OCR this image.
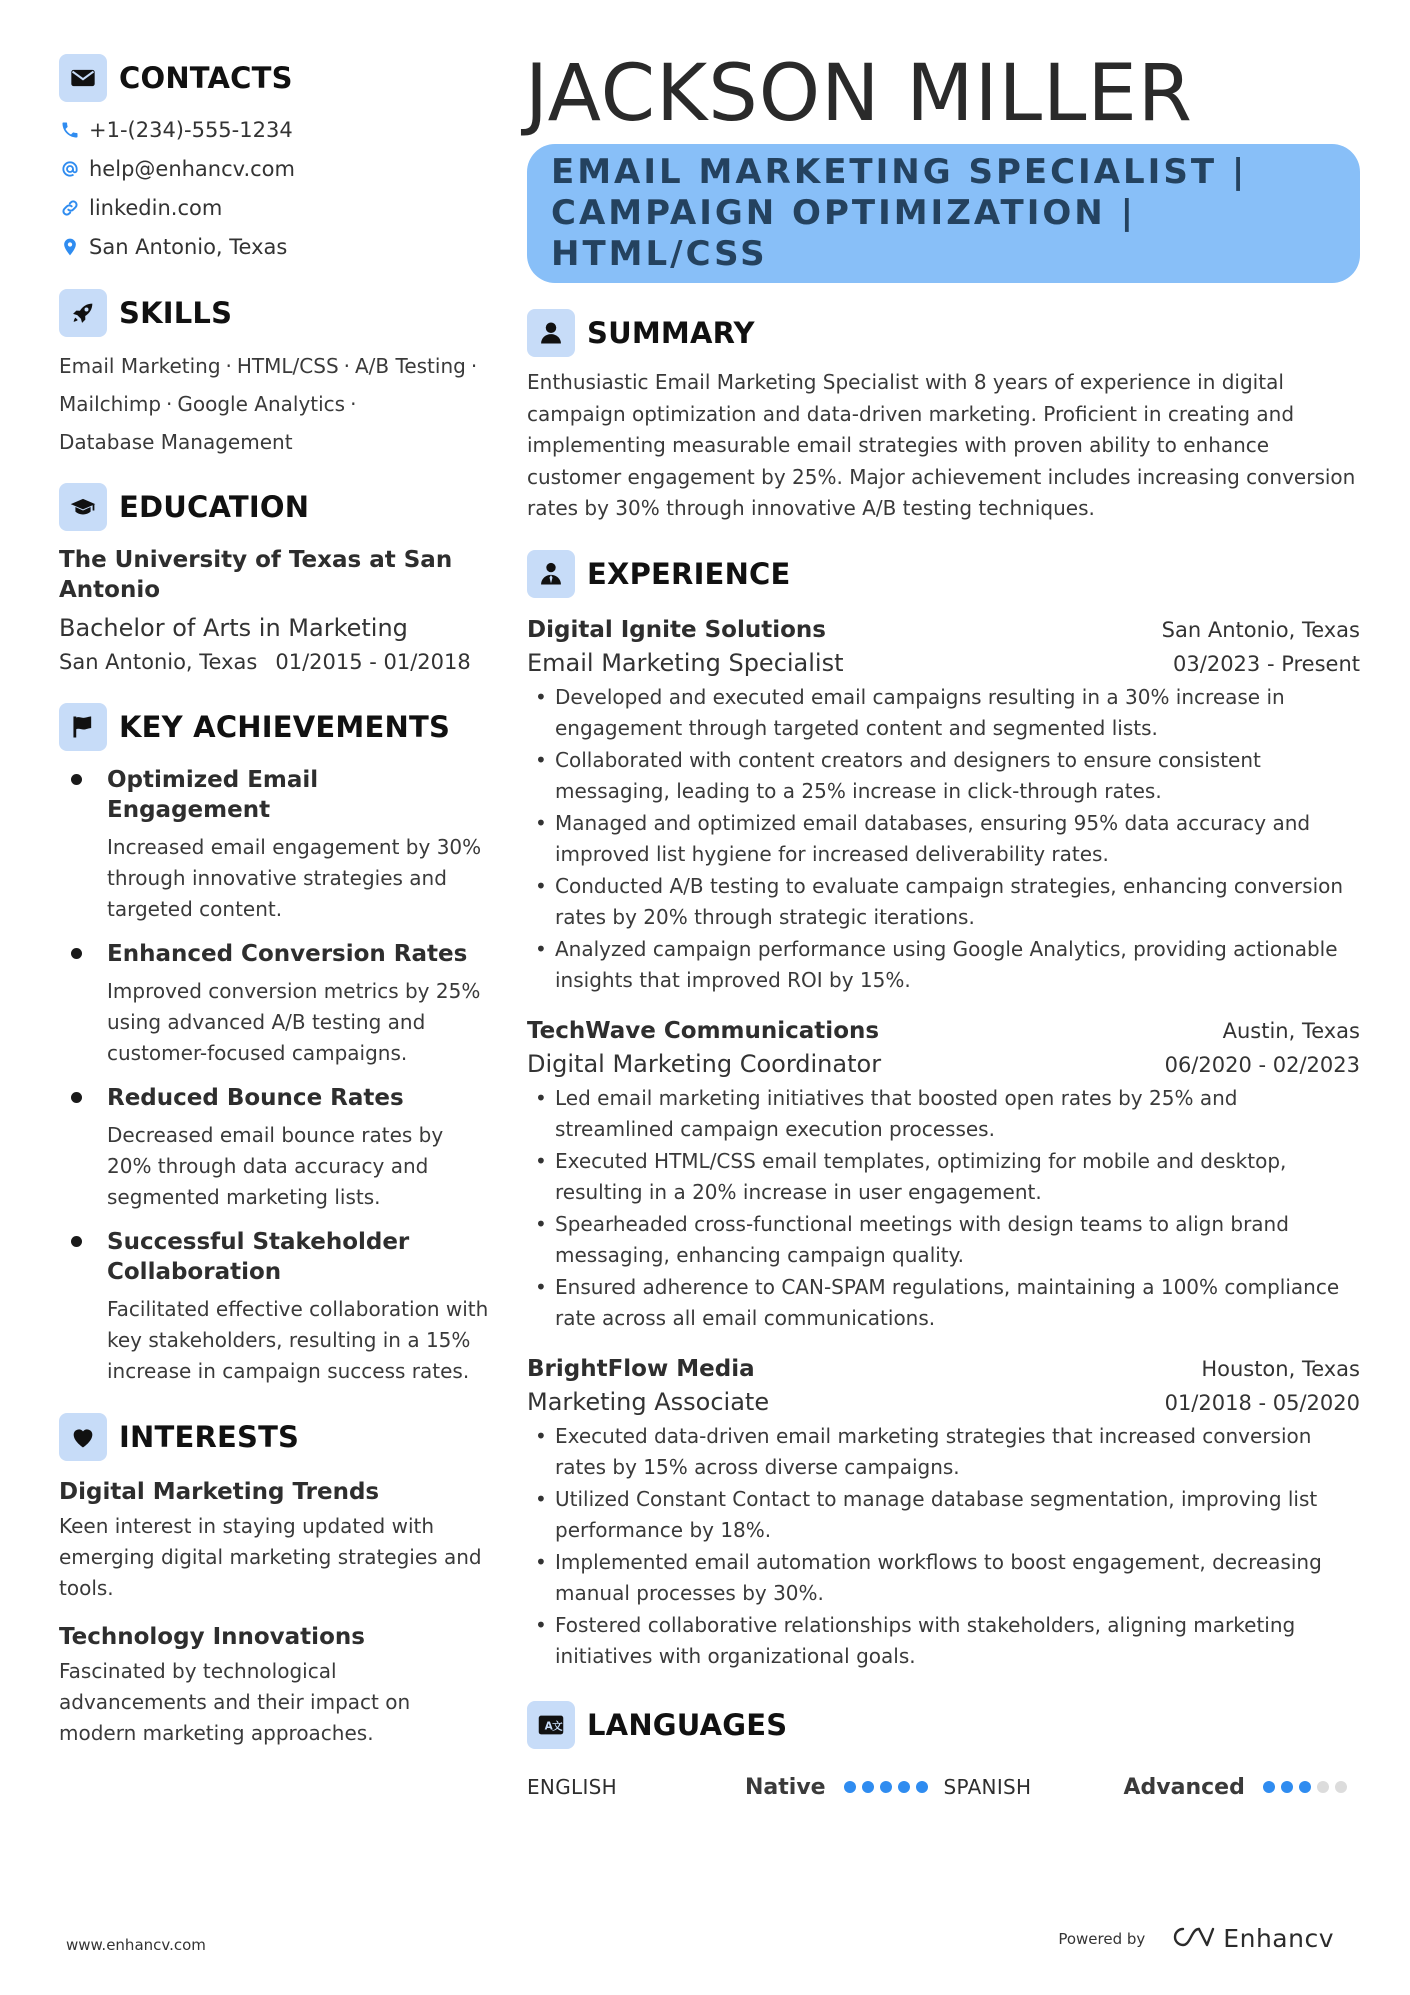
CONTACTS
+1-(234)-555-1234
help@enhancv.com
linkedin.com
San Antonio, Texas
SKILLS
Email Marketing · HTML/CSS · A/B Testing ·
Mailchimp · Google Analytics ·
Database Management
EDUCATION
The University of Texas at San Antonio
Bachelor of Arts in Marketing
San Antonio, Texas 01/2015 - 01/2018
KEY ACHIEVEMENTS
Optimized Email Engagement
Increased email engagement by 30% through innovative strategies and targeted content.
Enhanced Conversion Rates
Improved conversion metrics by 25% using advanced A/B testing and customer-focused campaigns.
Reduced Bounce Rates
Decreased email bounce rates by 20% through data accuracy and segmented marketing lists.
Successful Stakeholder Collaboration
Facilitated effective collaboration with key stakeholders, resulting in a 15% increase in campaign success rates.
INTERESTS
Digital Marketing Trends
Keen interest in staying updated with emerging digital marketing strategies and tools.
Technology Innovations
Fascinated by technological advancements and their impact on modern marketing approaches.
JACKSON MILLER
EMAIL MARKETING SPECIALIST | CAMPAIGN OPTIMIZATION | HTML/CSS
SUMMARY
Enthusiastic Email Marketing Specialist with 8 years of experience in digital campaign optimization and data-driven marketing. Proficient in creating and implementing measurable email strategies with proven ability to enhance customer engagement by 25%. Major achievement includes increasing conversion rates by 30% through innovative A/B testing techniques.
EXPERIENCE
Digital Ignite Solutions	San Antonio, Texas
Email Marketing Specialist	03/2023 - Present
• Developed and executed email campaigns resulting in a 30% increase in engagement through targeted content and segmented lists.
• Collaborated with content creators and designers to ensure consistent messaging, leading to a 25% increase in click-through rates.
• Managed and optimized email databases, ensuring 95% data accuracy and improved list hygiene for increased deliverability rates.
• Conducted A/B testing to evaluate campaign strategies, enhancing conversion rates by 20% through strategic iterations.
• Analyzed campaign performance using Google Analytics, providing actionable insights that improved ROI by 15%.
TechWave Communications	Austin, Texas
Digital Marketing Coordinator	06/2020 - 02/2023
• Led email marketing initiatives that boosted open rates by 25% and streamlined campaign execution processes.
• Executed HTML/CSS email templates, optimizing for mobile and desktop, resulting in a 20% increase in user engagement.
• Spearheaded cross-functional meetings with design teams to align brand messaging, enhancing campaign quality.
• Ensured adherence to CAN-SPAM regulations, maintaining a 100% compliance rate across all email communications.
BrightFlow Media	Houston, Texas
Marketing Associate	01/2018 - 05/2020
• Executed data-driven email marketing strategies that increased conversion rates by 15% across diverse campaigns.
• Utilized Constant Contact to manage database segmentation, improving list performance by 18%.
• Implemented email automation workflows to boost engagement, decreasing manual processes by 30%.
• Fostered collaborative relationships with stakeholders, aligning marketing initiatives with organizational goals.
A 文 LANGUAGES
ENGLISH	Native	SPANISH	Advanced
www.enhancv.com	Powered by	Enhancv
